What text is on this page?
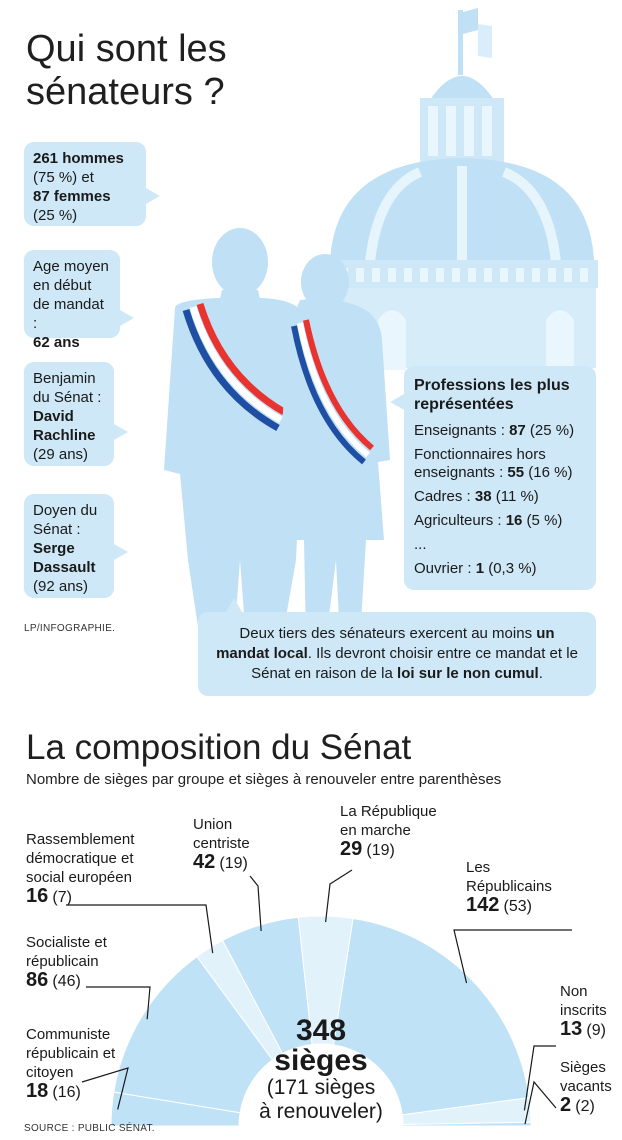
Qui sont les sénateurs ?
261 hommes
(75 %) et
87 femmes
(25 %)
Age moyen en début de mandat :
62 ans
Benjamin du Sénat :
David Rachline
(29 ans)
Doyen du Sénat :
Serge Dassault
(92 ans)
Professions les plus représentées
Enseignants : 87 (25 %)
Fonctionnaires hors enseignants : 55 (16 %)
Cadres : 38 (11 %)
Agriculteurs : 16 (5 %)
...
Ouvrier : 1 (0,3 %)
Deux tiers des sénateurs exercent au moins un mandat local. Ils devront choisir entre ce mandat et le Sénat en raison de la loi sur le non cumul.
LP/INFOGRAPHIE.
La composition du Sénat
Nombre de sièges par groupe et sièges à renouveler entre parenthèses
Rassemblement démocratique et social européen
16 (7)
Union centriste
42 (19)
La République en marche
29 (19)
Les Républicains
142 (53)
Socialiste et républicain
86 (46)
Communiste républicain et citoyen
18 (16)
Non inscrits
13 (9)
Sièges vacants
2 (2)
348
sièges
(171 sièges
à renouveler)
SOURCE : PUBLIC SÉNAT.
